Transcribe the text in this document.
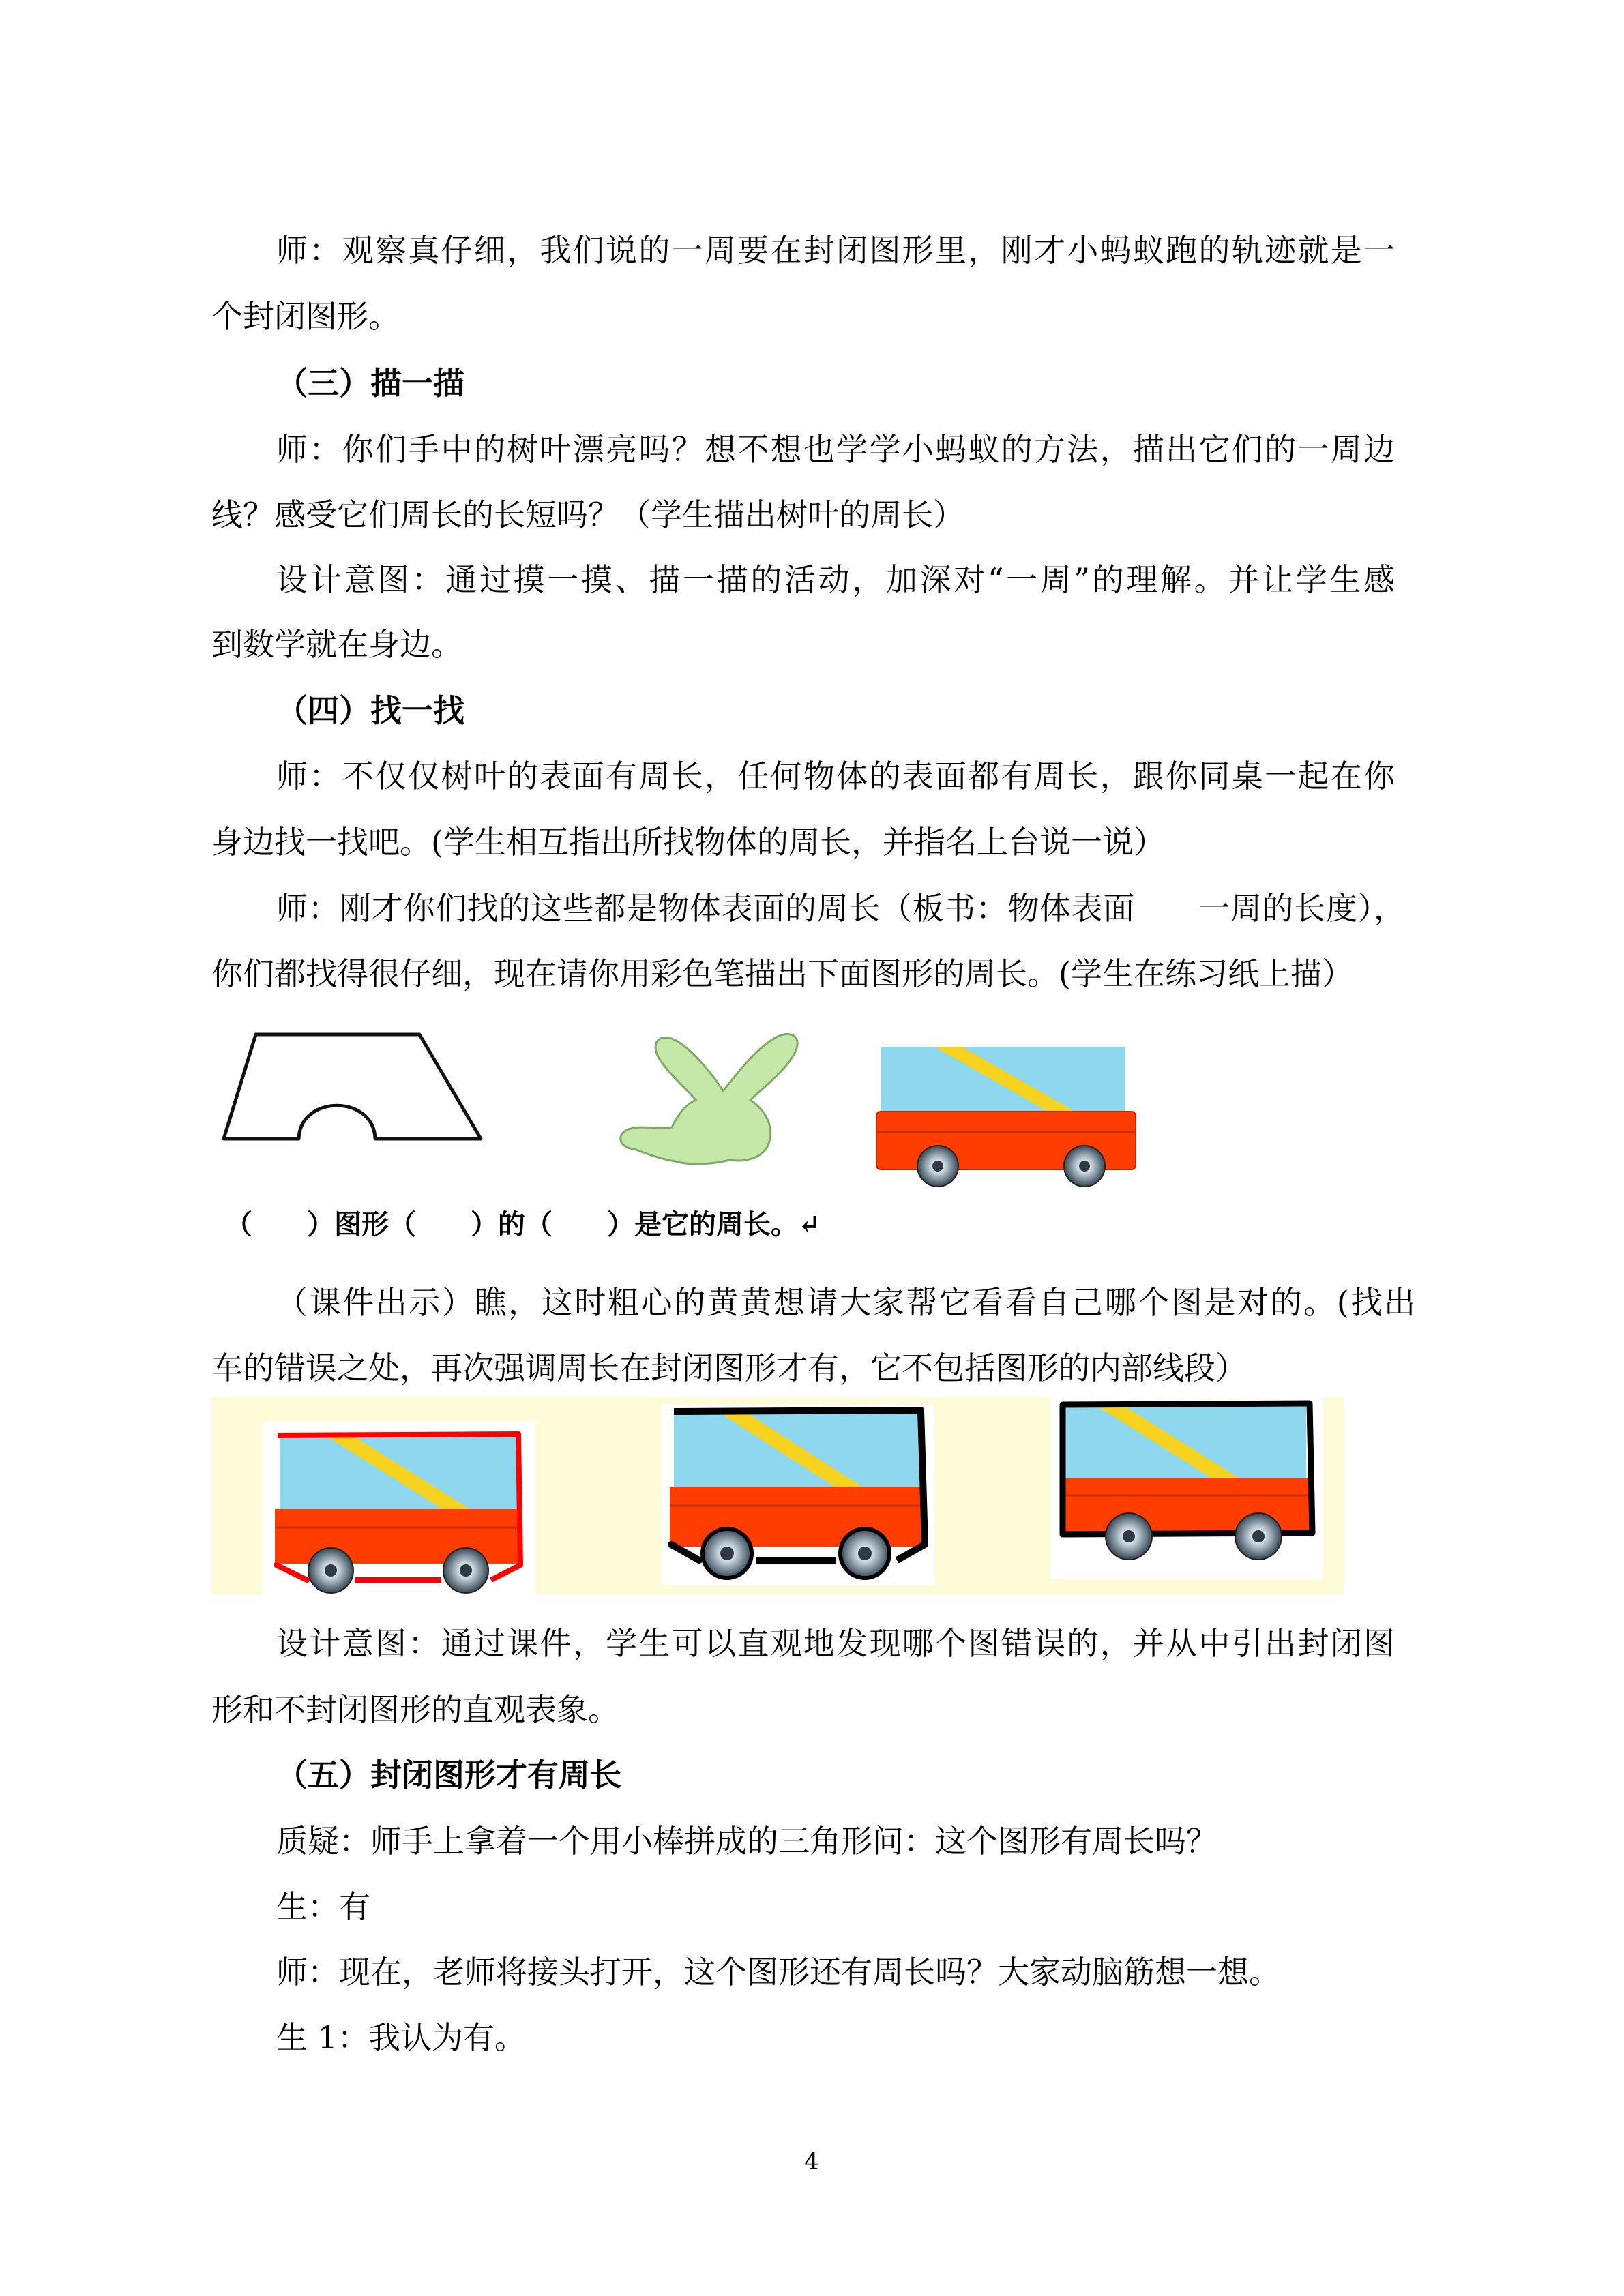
师：观察真仔细，我们说的一周要在封闭图形里，刚才小蚂蚁跑的轨迹就是一
个封闭图形。
（三）描一描
师：你们手中的树叶漂亮吗？想不想也学学小蚂蚁的方法，描出它们的一周边
线？感受它们周长的长短吗？（学生描出树叶的周长）
设计意图：通过摸一摸、描一描的活动，加深对“一周”的理解。并让学生感
到数学就在身边。
（四）找一找
师：不仅仅树叶的表面有周长，任何物体的表面都有周长，跟你同桌一起在你
身边找一找吧。(学生相互指出所找物体的周长，并指名上台说一说）
师：刚才你们找的这些都是物体表面的周长（板书：物体表面　　一周的长度），
你们都找得很仔细，现在请你用彩色笔描出下面图形的周长。(学生在练习纸上描）
（　　）图形（　　）的（　　）是它的周长。↵
（课件出示）瞧，这时粗心的黄黄想请大家帮它看看自己哪个图是对的。(找出
车的错误之处，再次强调周长在封闭图形才有，它不包括图形的内部线段）
设计意图：通过课件，学生可以直观地发现哪个图错误的，并从中引出封闭图
形和不封闭图形的直观表象。
（五）封闭图形才有周长
质疑：师手上拿着一个用小棒拼成的三角形问：这个图形有周长吗？
生：有
师：现在，老师将接头打开，这个图形还有周长吗？大家动脑筋想一想。
生 1：我认为有。
4
